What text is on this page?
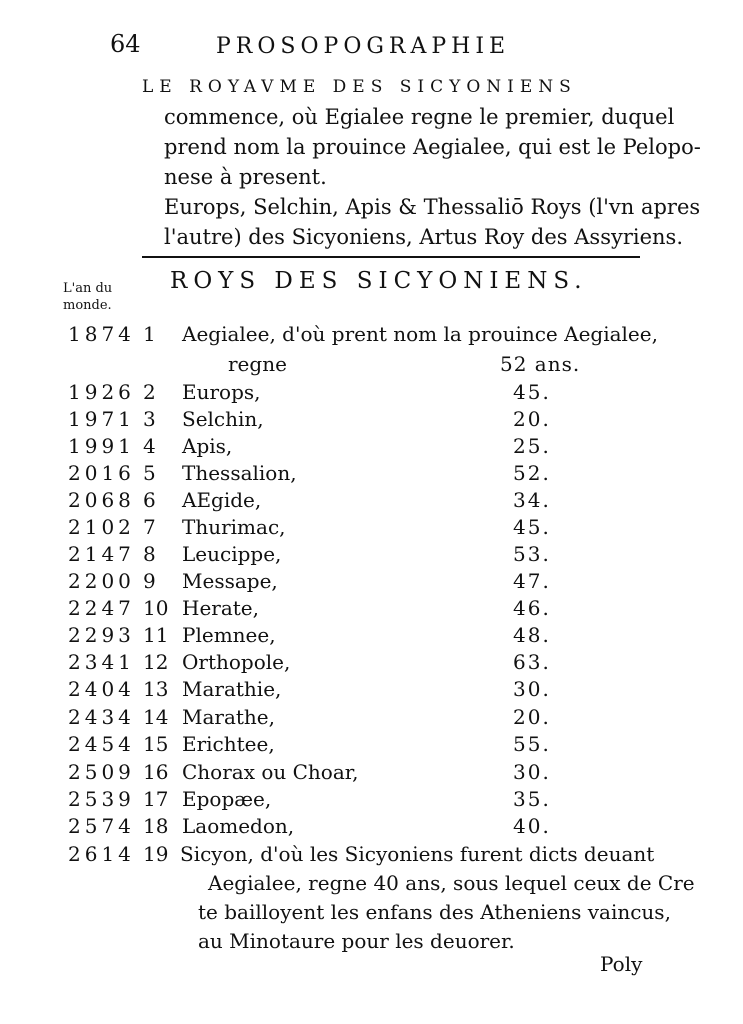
64	PROSOPOGRAPHIE
LE ROYAVME DES SICYONIENS
commence, où Egialee regne le premier, duquel
prend nom la prouince Aegialee, qui est le Pelopo-
nese à present.
Europs, Selchin, Apis & Thessaliō Roys (l'vn apres
l'autre) des Sicyoniens, Artus Roy des Assyriens.
L'an du monde.
ROYS DES SICYONIENS.
1874 1 Aegialee, d'où prent nom la prouince Aegialee,
regne	52 ans.
1926 2 Europs,	45.
1971 3 Selchin,	20.
1991 4 Apis,	25.
2016 5 Thessalion,	52.
2068 6 AEgide,	34.
2102 7 Thurimac,	45.
2147 8 Leucippe,	53.
2200 9 Messape,	47.
2247 10 Herate,	46.
2293 11 Plemnee,	48.
2341 12 Orthopole,	63.
2404 13 Marathie,	30.
2434 14 Marathe,	20.
2454 15 Erichtee,	55.
2509 16 Chorax ou Choar,	30.
2539 17 Epopæe,	35.
2574 18 Laomedon,	40.
2614 19 Sicyon, d'où les Sicyoniens furent dicts deuant
Aegialee, regne 40 ans, sous lequel ceux de Cre
te bailloyent les enfans des Atheniens vaincus,
au Minotaure pour les deuorer.
Poly
